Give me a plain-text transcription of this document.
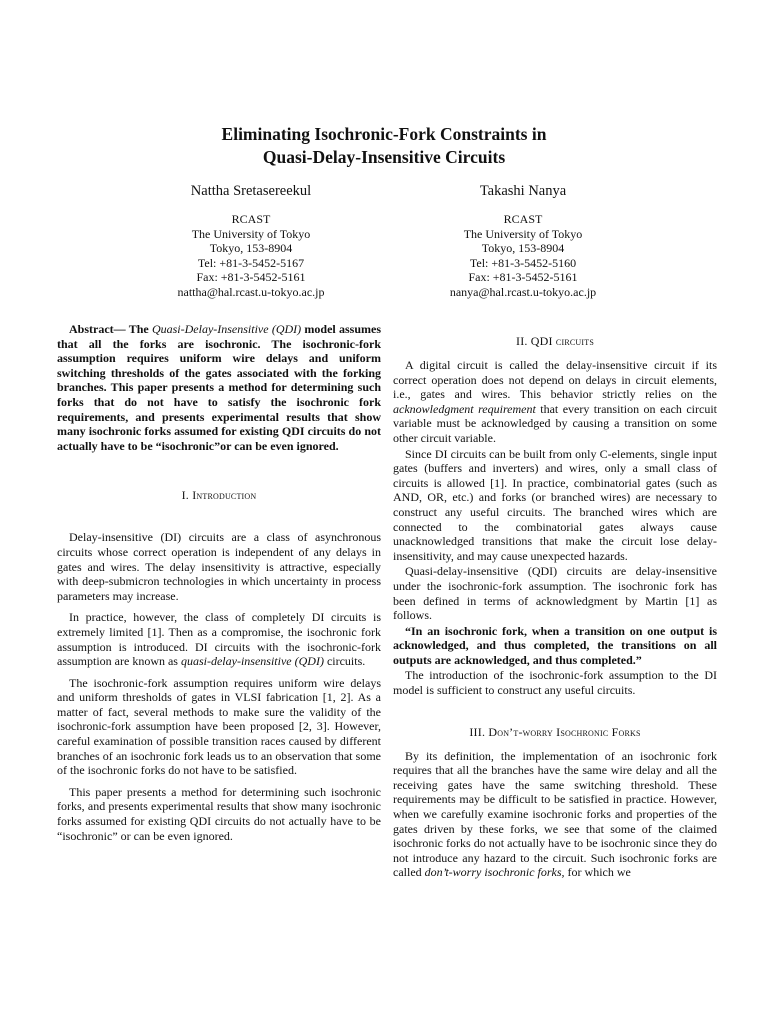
Eliminating Isochronic-Fork Constraints in
Quasi-Delay-Insensitive Circuits
Nattha Sretasereekul
RCAST
The University of Tokyo
Tokyo, 153-8904
Tel: +81-3-5452-5167
Fax: +81-3-5452-5161
nattha@hal.rcast.u-tokyo.ac.jp
Takashi Nanya
RCAST
The University of Tokyo
Tokyo, 153-8904
Tel: +81-3-5452-5160
Fax: +81-3-5452-5161
nanya@hal.rcast.u-tokyo.ac.jp

Abstract— The Quasi-Delay-Insensitive (QDI) model assumes that all the forks are isochronic. The isochronic-fork assumption requires uniform wire delays and uniform switching thresholds of the gates associated with the forking branches. This paper presents a method for determining such forks that do not have to satisfy the isochronic fork requirements, and presents experimental results that show many isochronic forks assumed for existing QDI circuits do not actually have to be “isochronic”or can be even ignored.

I. Introduction

Delay-insensitive (DI) circuits are a class of asynchronous circuits whose correct operation is independent of any delays in gates and wires. The delay insensitivity is attractive, especially with deep-submicron technologies in which uncertainty in process parameters may increase.

In practice, however, the class of completely DI circuits is extremely limited [1]. Then as a compromise, the isochronic fork assumption is introduced. DI circuits with the isochronic-fork assumption are known as quasi-delay-insensitive (QDI) circuits.

The isochronic-fork assumption requires uniform wire delays and uniform thresholds of gates in VLSI fabrication [1, 2]. As a matter of fact, several methods to make sure the validity of the isochronic-fork assumption have been proposed [2, 3]. However, careful examination of possible transition races caused by different branches of an isochronic fork leads us to an observation that some of the isochronic forks do not have to be satisfied.

This paper presents a method for determining such isochronic forks, and presents experimental results that show many isochronic forks assumed for existing QDI circuits do not actually have to be “isochronic” or can be even ignored.

II. QDI circuits

A digital circuit is called the delay-insensitive circuit if its correct operation does not depend on delays in circuit elements, i.e., gates and wires. This behavior strictly relies on the acknowledgment requirement that every transition on each circuit variable must be acknowledged by causing a transition on some other circuit variable.

Since DI circuits can be built from only C-elements, single input gates (buffers and inverters) and wires, only a small class of circuits is allowed [1]. In practice, combinatorial gates (such as AND, OR, etc.) and forks (or branched wires) are necessary to construct any useful circuits. The branched wires which are connected to the combinatorial gates always cause unacknowledged transitions that make the circuit lose delay-insensitivity, and may cause unexpected hazards.

Quasi-delay-insensitive (QDI) circuits are delay-insensitive under the isochronic-fork assumption. The isochronic fork has been defined in terms of acknowledgment by Martin [1] as follows.

“In an isochronic fork, when a transition on one output is acknowledged, and thus completed, the transitions on all outputs are acknowledged, and thus completed.”

The introduction of the isochronic-fork assumption to the DI model is sufficient to construct any useful circuits.

III. Don’t-worry Isochronic Forks

By its definition, the implementation of an isochronic fork requires that all the branches have the same wire delay and all the receiving gates have the same switching threshold. These requirements may be difficult to be satisfied in practice. However, when we carefully examine isochronic forks and properties of the gates driven by these forks, we see that some of the claimed isochronic forks do not actually have to be isochronic since they do not introduce any hazard to the circuit. Such isochronic forks are called don’t-worry isochronic forks, for which we
